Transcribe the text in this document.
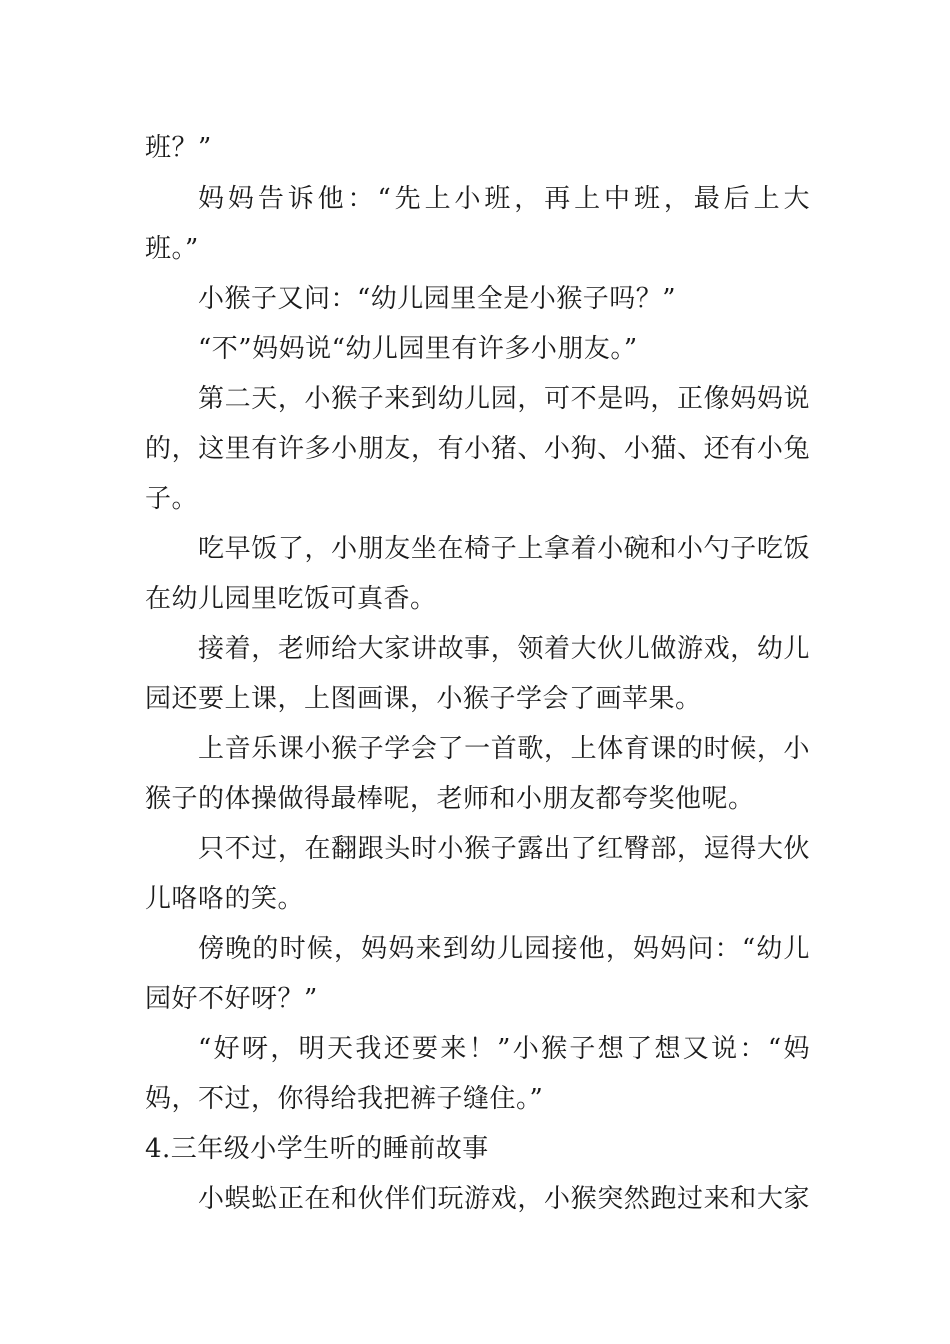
班？”
妈妈告诉他：“先上小班，再上中班，最后上大
班。”
小猴子又问：“幼儿园里全是小猴子吗？”
“不”妈妈说“幼儿园里有许多小朋友。”
第二天，小猴子来到幼儿园，可不是吗，正像妈妈说
的，这里有许多小朋友，有小猪、小狗、小猫、还有小兔
子。
吃早饭了，小朋友坐在椅子上拿着小碗和小勺子吃饭
在幼儿园里吃饭可真香。
接着，老师给大家讲故事，领着大伙儿做游戏，幼儿
园还要上课，上图画课，小猴子学会了画苹果。
上音乐课小猴子学会了一首歌，上体育课的时候，小
猴子的体操做得最棒呢，老师和小朋友都夸奖他呢。
只不过，在翻跟头时小猴子露出了红臀部，逗得大伙
儿咯咯的笑。
傍晚的时候，妈妈来到幼儿园接他，妈妈问：“幼儿
园好不好呀？”
“好呀，明天我还要来！”小猴子想了想又说：“妈
妈，不过，你得给我把裤子缝住。”
4.三年级小学生听的睡前故事
小蜈蚣正在和伙伴们玩游戏，小猴突然跑过来和大家
